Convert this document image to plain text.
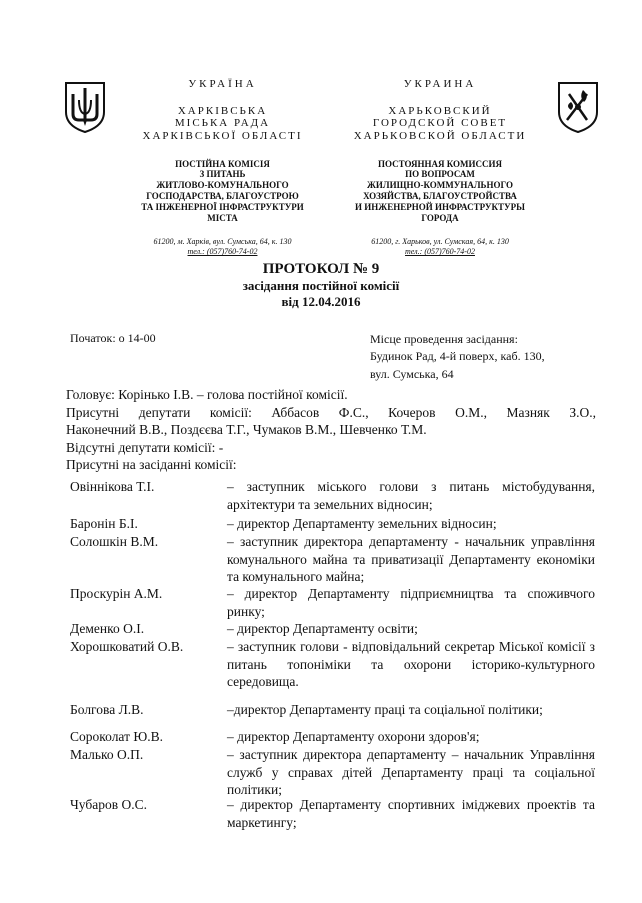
УКРАЇНА
ХАРКІВСЬКА
МІСЬКА РАДА
ХАРКІВСЬКОЇ ОБЛАСТІ
ПОСТІЙНА КОМІСІЯ
З ПИТАНЬ
ЖИТЛОВО-КОМУНАЛЬНОГО
ГОСПОДАРСТВА, БЛАГОУСТРОЮ
ТА ІНЖЕНЕРНОЇ ІНФРАСТРУКТУРИ
МІСТА
61200, м. Харків, вул. Сумська, 64, к. 130
тел.: (057)760-74-02
УКРАИНА
ХАРЬКОВСКИЙ
ГОРОДСКОЙ СОВЕТ
ХАРЬКОВСКОЙ ОБЛАСТИ
ПОСТОЯННАЯ КОМИССИЯ
ПО ВОПРОСАМ
ЖИЛИЩНО-КОММУНАЛЬНОГО
ХОЗЯЙСТВА, БЛАГОУСТРОЙСТВА
И ИНЖЕНЕРНОЙ ИНФРАСТРУКТУРЫ
ГОРОДА
61200, г. Харьков, ул. Сумская, 64, к. 130
тел.: (057)760-74-02
ПРОТОКОЛ № 9
засідання постійної комісії
від 12.04.2016
Початок: о 14-00	Місце проведення засідання:
Будинок Рад, 4-й поверх, каб. 130,
вул. Сумська, 64
Головує: Корінько І.В. – голова постійної комісії.
Присутні депутати комісії: Аббасов Ф.С., Кочеров О.М., Мазняк З.О.,
Наконечний В.В., Поздєєва Т.Г., Чумаков В.М., Шевченко Т.М.
Відсутні депутати комісії: -
Присутні на засіданні комісії:
Овіннікова Т.І.	– заступник міського голови з питань містобудування, архітектури та земельних відносин;
Баронін Б.І.	– директор Департаменту земельних відносин;
Солошкін В.М.	– заступник директора департаменту - начальник управління комунального майна та приватизації Департаменту економіки та комунального майна;
Проскурін А.М.	– директор Департаменту підприємництва та споживчого ринку;
Деменко О.І.	– директор Департаменту освіти;
Хорошковатий О.В.	– заступник голови - відповідальний секретар Міської комісії з питань топоніміки та охорони історико-культурного середовища.
Болгова Л.В.	–директор Департаменту праці та соціальної політики;
Сороколат Ю.В.	– директор Департаменту охорони здоров'я;
Малько О.П.	– заступник директора департаменту – начальник Управління служб у справах дітей Департаменту праці та соціальної політики;
Чубаров О.С.	– директор Департаменту спортивних іміджевих проектів та маркетингу;
